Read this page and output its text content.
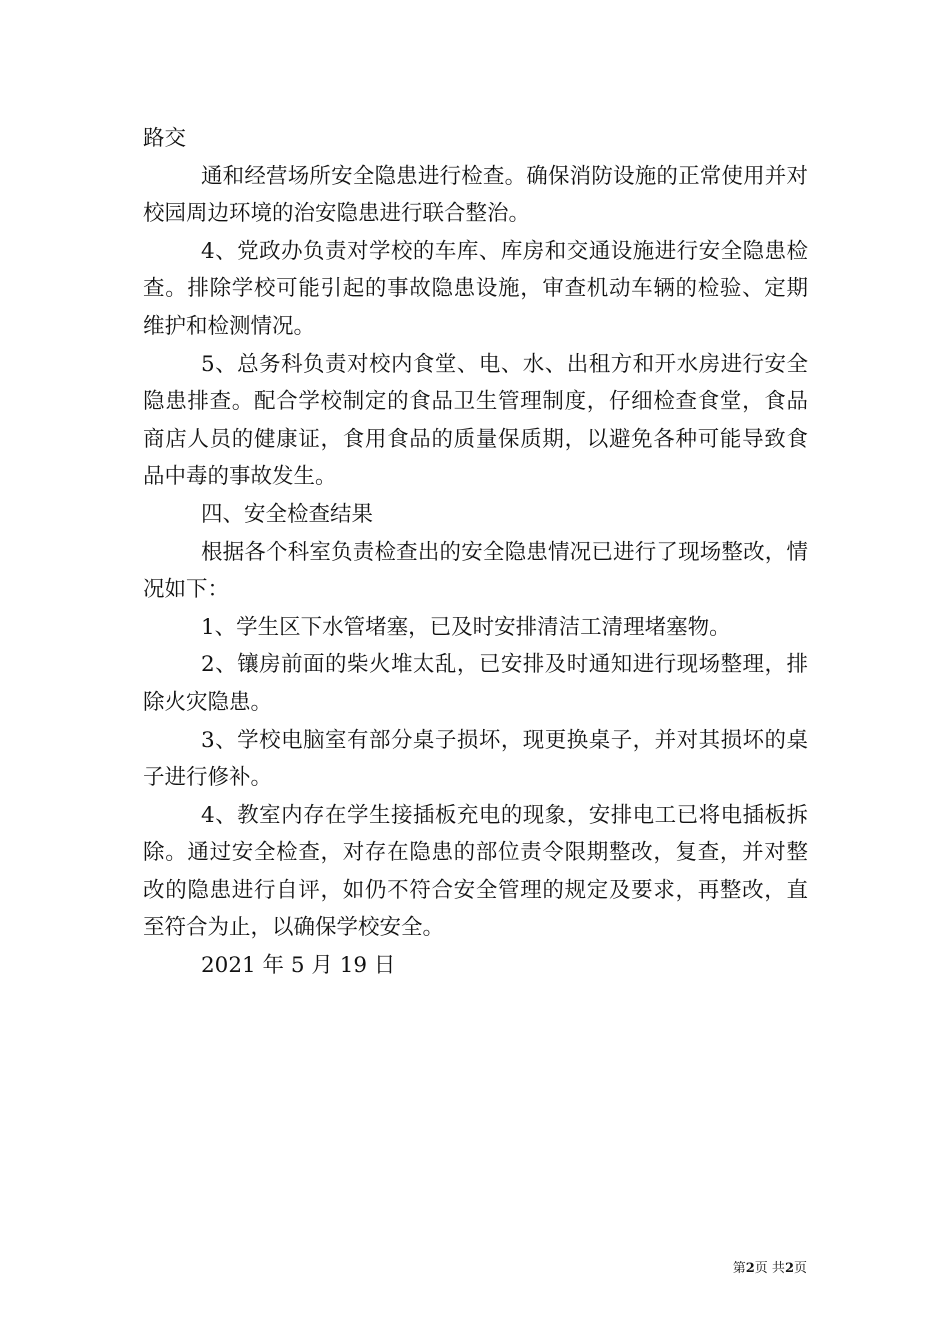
路交

通和经营场所安全隐患进行检查。确保消防设施的正常使用并对校园周边环境的治安隐患进行联合整治。

4、党政办负责对学校的车库、库房和交通设施进行安全隐患检查。排除学校可能引起的事故隐患设施，审查机动车辆的检验、定期维护和检测情况。

5、总务科负责对校内食堂、电、水、出租方和开水房进行安全隐患排查。配合学校制定的食品卫生管理制度，仔细检查食堂，食品商店人员的健康证，食用食品的质量保质期，以避免各种可能导致食品中毒的事故发生。

四、安全检查结果

根据各个科室负责检查出的安全隐患情况已进行了现场整改，情况如下：

1、学生区下水管堵塞，已及时安排清洁工清理堵塞物。

2、镶房前面的柴火堆太乱，已安排及时通知进行现场整理，排除火灾隐患。

3、学校电脑室有部分桌子损坏，现更换桌子，并对其损坏的桌子进行修补。

4、教室内存在学生接插板充电的现象，安排电工已将电插板拆除。通过安全检查，对存在隐患的部位责令限期整改，复查，并对整改的隐患进行自评，如仍不符合安全管理的规定及要求，再整改，直至符合为止，以确保学校安全。

2021 年 5 月 19 日

第2页 共2页
